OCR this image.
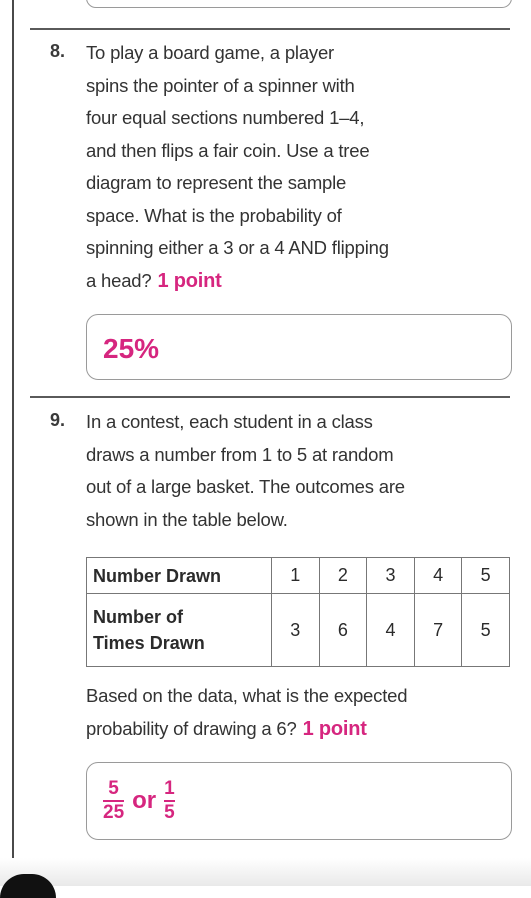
8. To play a board game, a player
spins the pointer of a spinner with
four equal sections numbered 1–4,
and then flips a fair coin. Use a tree
diagram to represent the sample
space. What is the probability of
spinning either a 3 or a 4 AND flipping
a head? 1 point
25%
9. In a contest, each student in a class
draws a number from 1 to 5 at random
out of a large basket. The outcomes are
shown in the table below.
Number Drawn	1	2	3	4	5

Number of
Times Drawn	3	6	4	7	5
Based on the data, what is the expected
probability of drawing a 6? 1 point
$\frac{5}{25}$ or $\frac{1}{5}$
